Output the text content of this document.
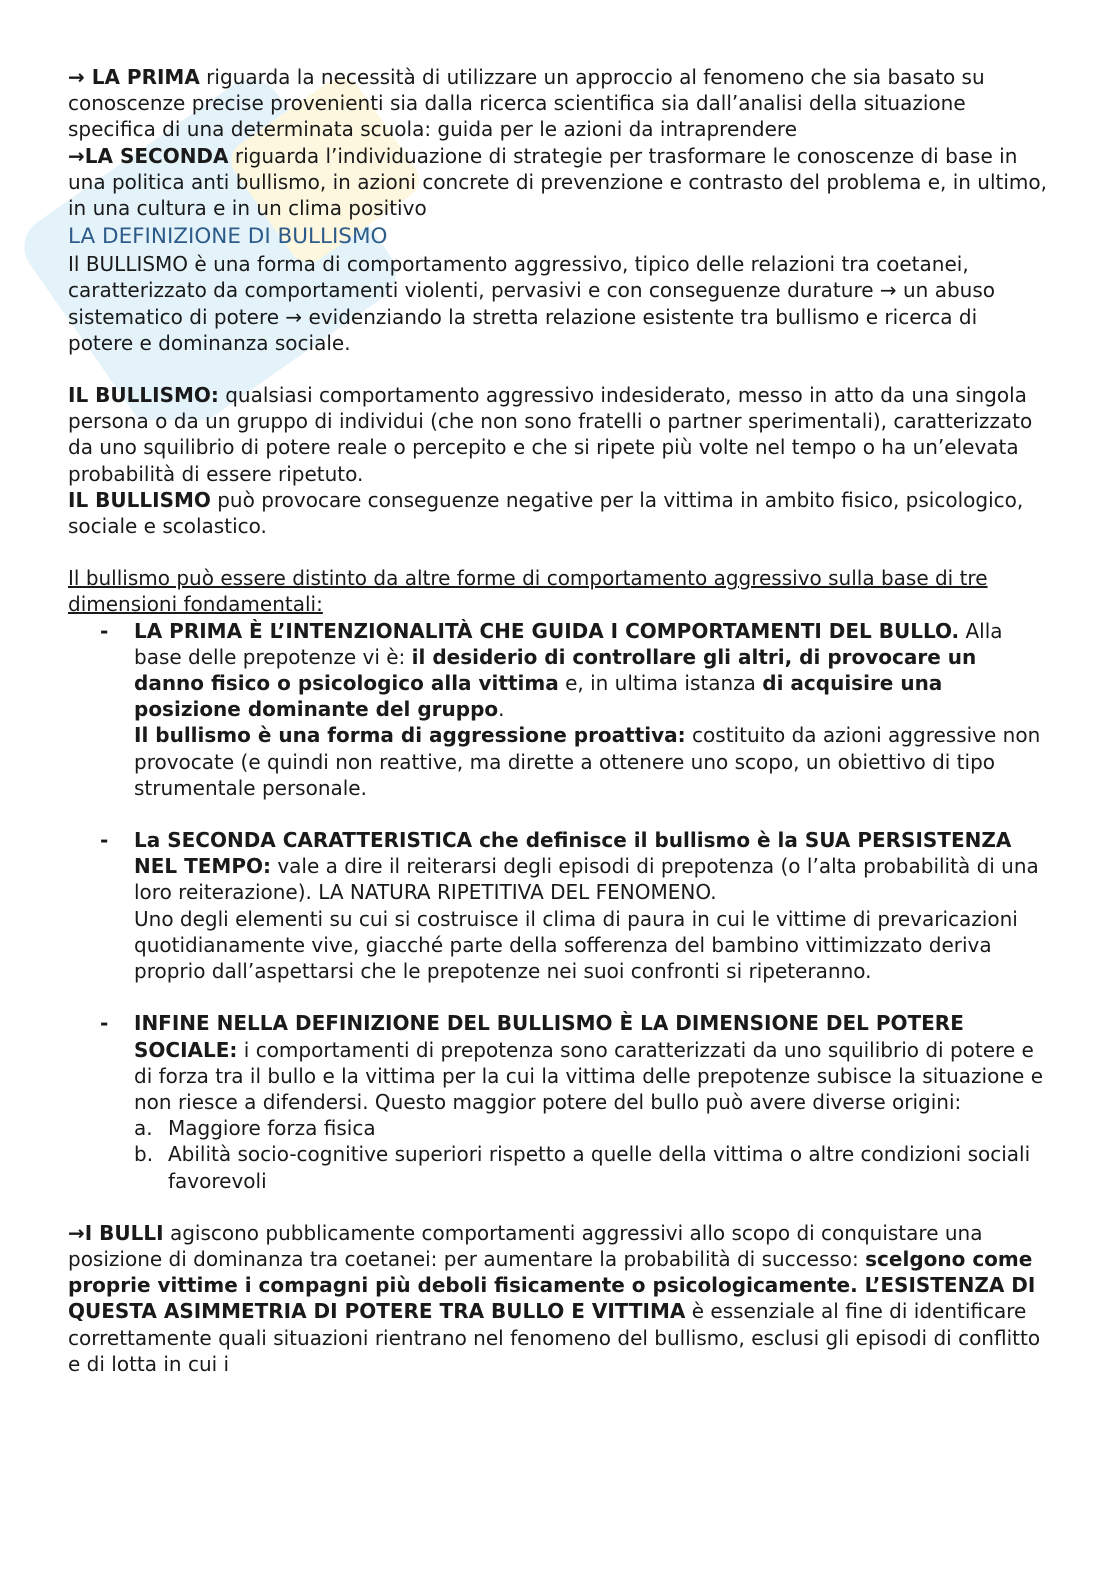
→ LA PRIMA riguarda la necessità di utilizzare un approccio al fenomeno che sia basato su conoscenze precise provenienti sia dalla ricerca scientifica sia dall’analisi della situazione specifica di una determinata scuola: guida per le azioni da intraprendere

→LA SECONDA riguarda l’individuazione di strategie per trasformare le conoscenze di base in una politica anti bullismo, in azioni concrete di prevenzione e contrasto del problema e, in ultimo, in una cultura e in un clima positivo

LA DEFINIZIONE DI BULLISMO

Il BULLISMO è una forma di comportamento aggressivo, tipico delle relazioni tra coetanei, caratterizzato da comportamenti violenti, pervasivi e con conseguenze durature → un abuso sistematico di potere → evidenziando la stretta relazione esistente tra bullismo e ricerca di potere e dominanza sociale.

IL BULLISMO: qualsiasi comportamento aggressivo indesiderato, messo in atto da una singola persona o da un gruppo di individui (che non sono fratelli o partner sperimentali), caratterizzato da uno squilibrio di potere reale o percepito e che si ripete più volte nel tempo o ha un’elevata probabilità di essere ripetuto.

IL BULLISMO può provocare conseguenze negative per la vittima in ambito fisico, psicologico, sociale e scolastico.

Il bullismo può essere distinto da altre forme di comportamento aggressivo sulla base di tre dimensioni fondamentali:

- LA PRIMA È L’INTENZIONALITÀ CHE GUIDA I COMPORTAMENTI DEL BULLO. Alla base delle prepotenze vi è: il desiderio di controllare gli altri, di provocare un danno fisico o psicologico alla vittima e, in ultima istanza di acquisire una posizione dominante del gruppo.

Il bullismo è una forma di aggressione proattiva: costituito da azioni aggressive non provocate (e quindi non reattive, ma dirette a ottenere uno scopo, un obiettivo di tipo strumentale personale.

- La SECONDA CARATTERISTICA che definisce il bullismo è la SUA PERSISTENZA NEL TEMPO: vale a dire il reiterarsi degli episodi di prepotenza (o l’alta probabilità di una loro reiterazione). LA NATURA RIPETITIVA DEL FENOMENO.

Uno degli elementi su cui si costruisce il clima di paura in cui le vittime di prevaricazioni quotidianamente vive, giacché parte della sofferenza del bambino vittimizzato deriva proprio dall’aspettarsi che le prepotenze nei suoi confronti si ripeteranno.

- INFINE NELLA DEFINIZIONE DEL BULLISMO È LA DIMENSIONE DEL POTERE SOCIALE: i comportamenti di prepotenza sono caratterizzati da uno squilibrio di potere e di forza tra il bullo e la vittima per la cui la vittima delle prepotenze subisce la situazione e non riesce a difendersi. Questo maggior potere del bullo può avere diverse origini:

a. Maggiore forza fisica

b. Abilità socio-cognitive superiori rispetto a quelle della vittima o altre condizioni sociali favorevoli

→I BULLI agiscono pubblicamente comportamenti aggressivi allo scopo di conquistare una posizione di dominanza tra coetanei: per aumentare la probabilità di successo: scelgono come proprie vittime i compagni più deboli fisicamente o psicologicamente. L’ESISTENZA DI QUESTA ASIMMETRIA DI POTERE TRA BULLO E VITTIMA è essenziale al fine di identificare correttamente quali situazioni rientrano nel fenomeno del bullismo, esclusi gli episodi di conflitto e di lotta in cui i
